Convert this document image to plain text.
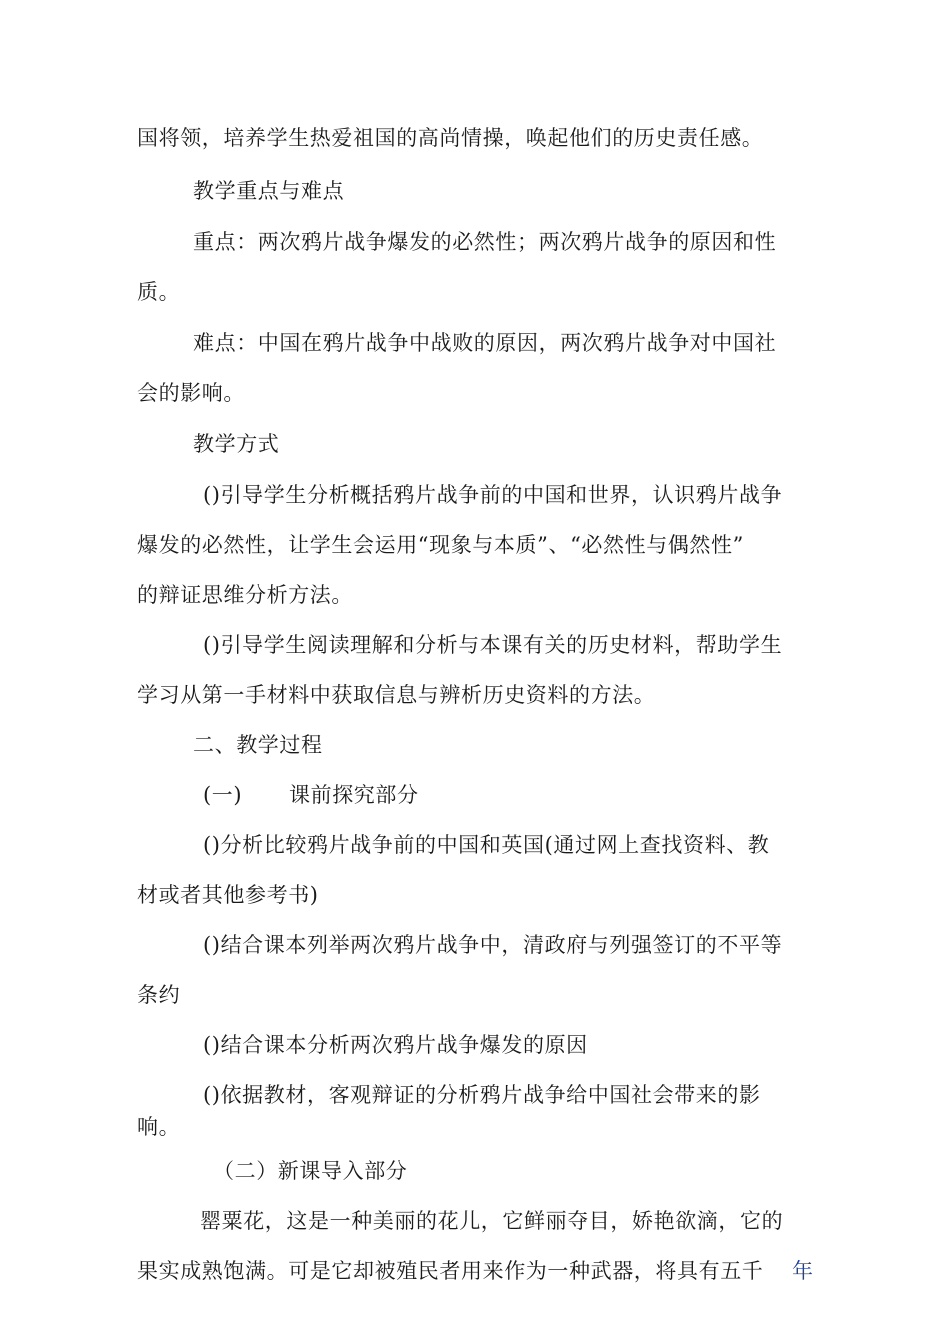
国将领，培养学生热爱祖国的高尚情操，唤起他们的历史责任感。
教学重点与难点
重点：两次鸦片战争爆发的必然性；两次鸦片战争的原因和性
质。
难点：中国在鸦片战争中战败的原因，两次鸦片战争对中国社
会的影响。
教学方式
()引导学生分析概括鸦片战争前的中国和世界，认识鸦片战争
爆发的必然性，让学生会运用“现象与本质”、“必然性与偶然性”
的辩证思维分析方法。
()引导学生阅读理解和分析与本课有关的历史材料，帮助学生
学习从第一手材料中获取信息与辨析历史资料的方法。
二、教学过程
(一) 课前探究部分
()分析比较鸦片战争前的中国和英国(通过网上查找资料、教
材或者其他参考书)
()结合课本列举两次鸦片战争中，清政府与列强签订的不平等
条约
()结合课本分析两次鸦片战争爆发的原因
()依据教材，客观辩证的分析鸦片战争给中国社会带来的影
响。
（二）新课导入部分
罂粟花，这是一种美丽的花儿，它鲜丽夺目，娇艳欲滴，它的
果实成熟饱满。可是它却被殖民者用来作为一种武器，将具有五千 年
